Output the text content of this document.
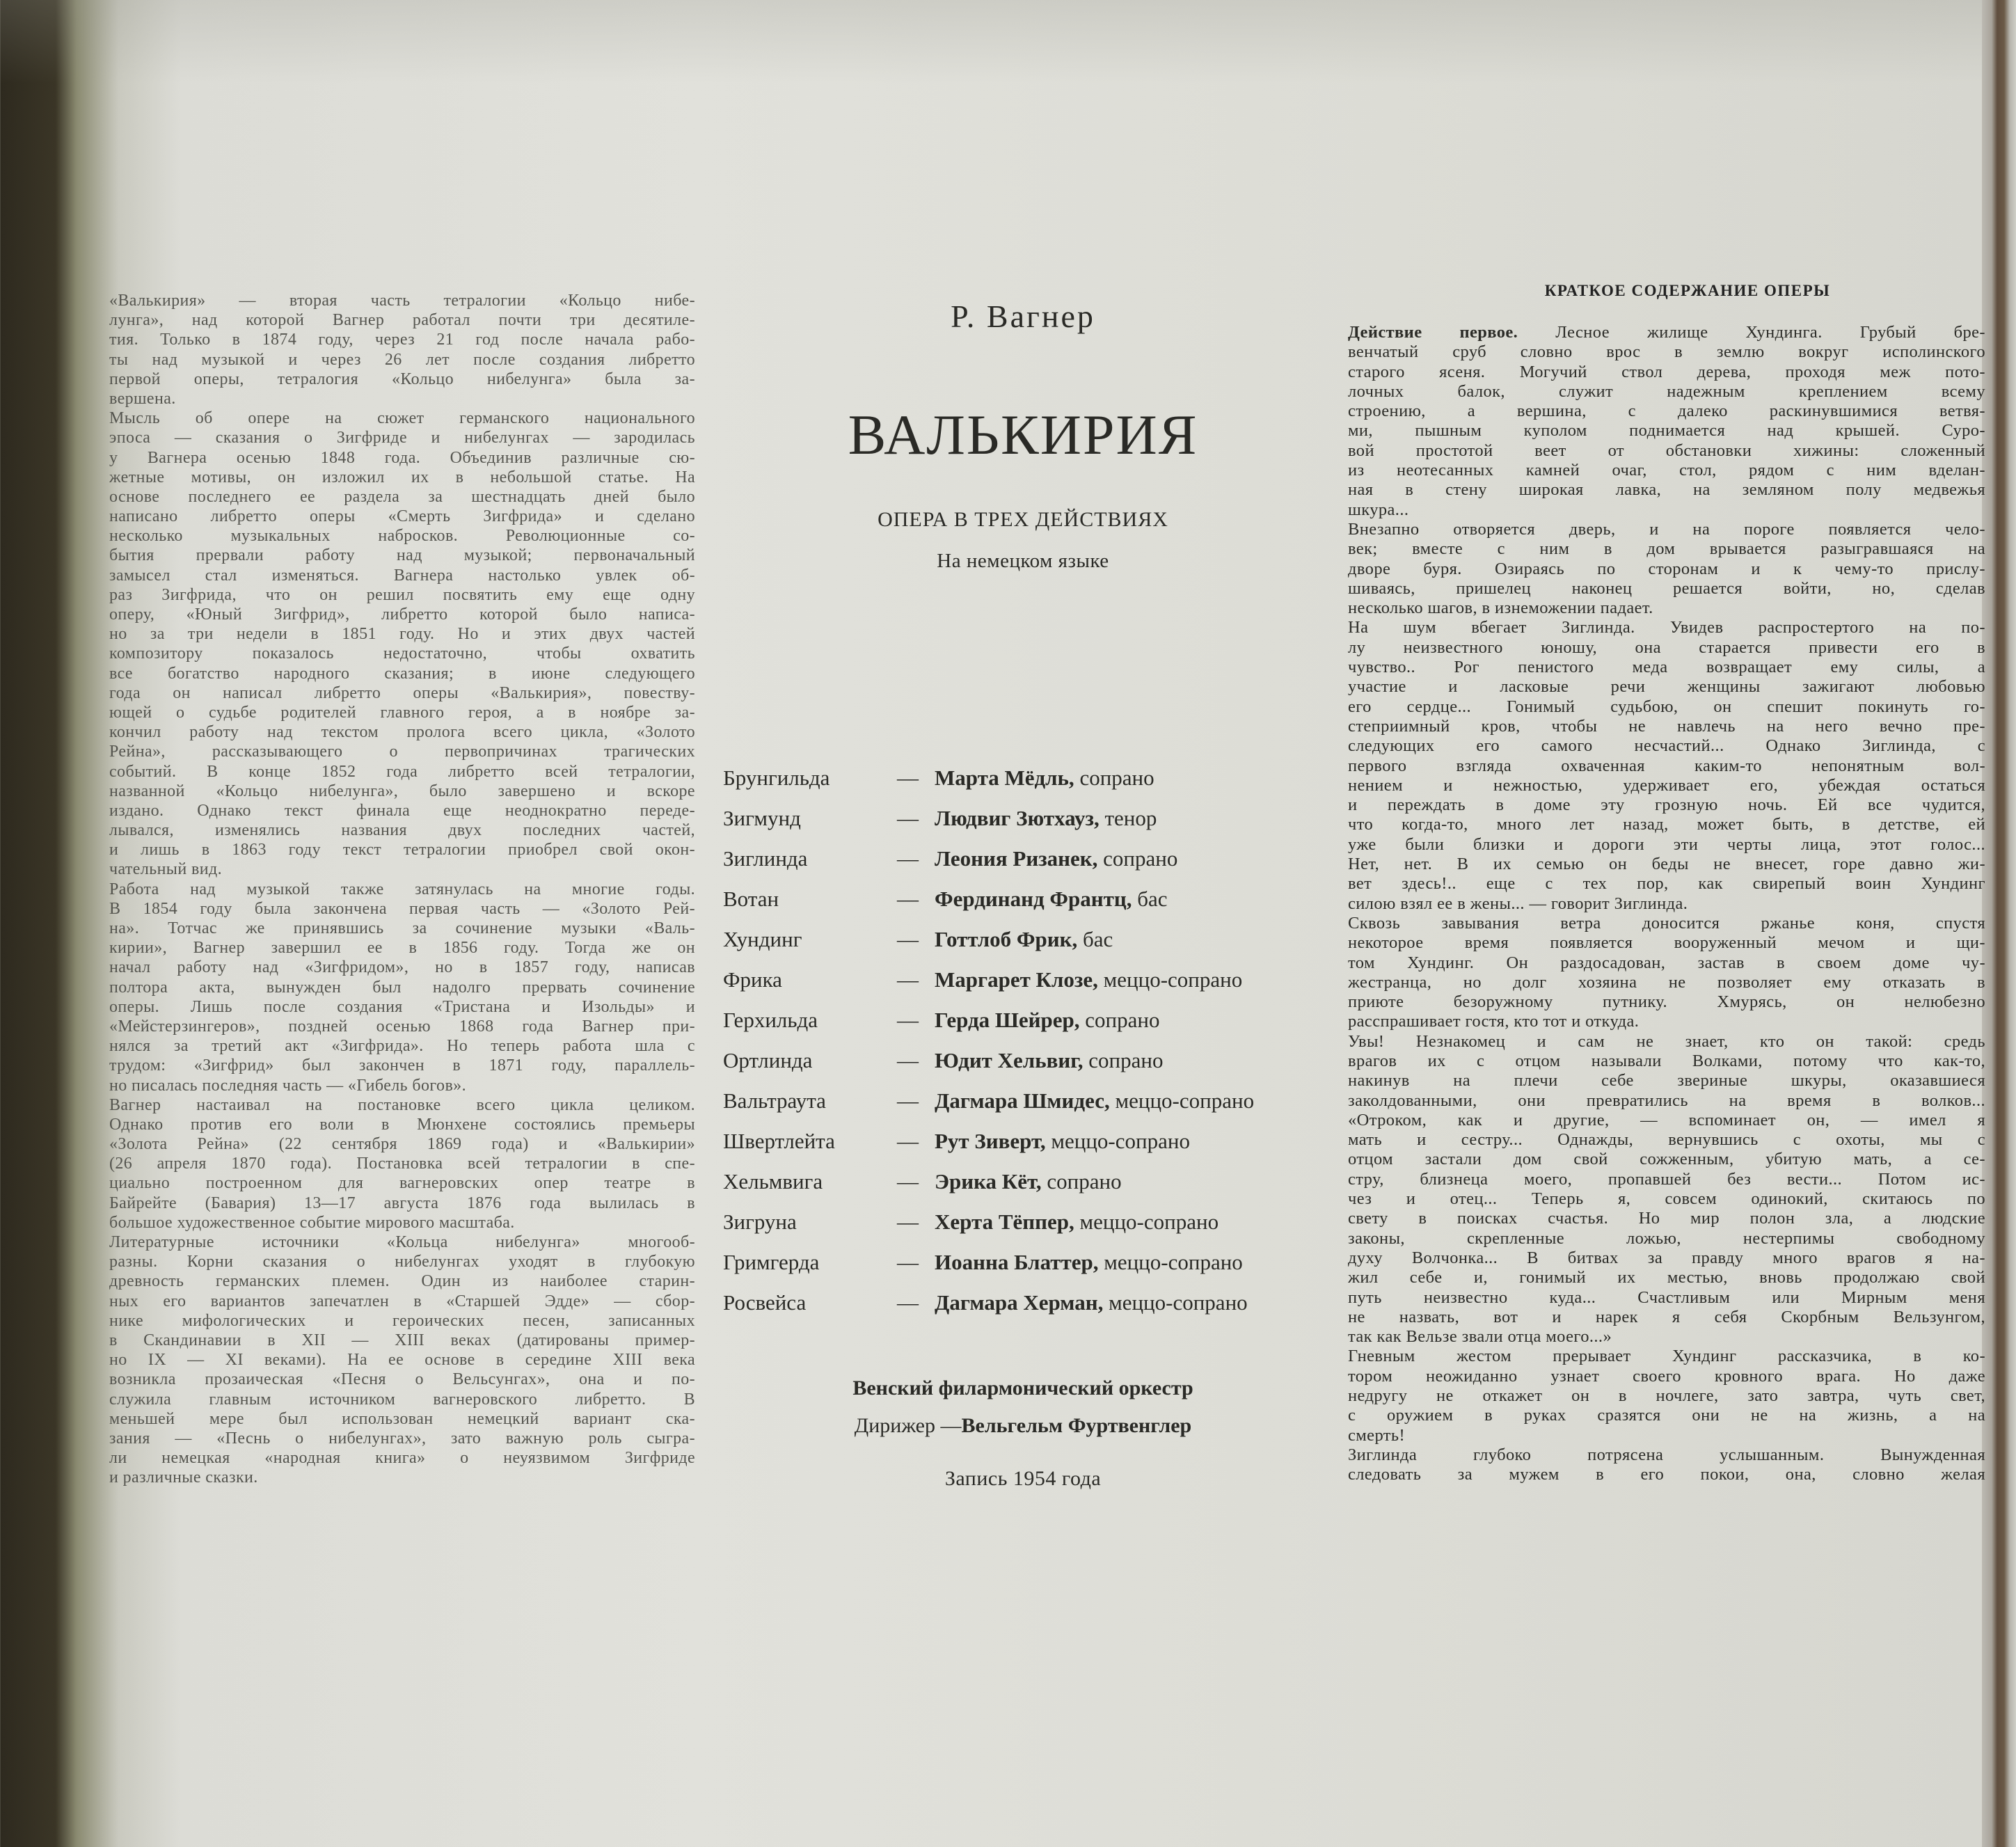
«Валькирия» — вторая часть тетралогии «Кольцо нибе-
лунга», над которой Вагнер работал почти три десятиле-
тия. Только в 1874 году, через 21 год после начала рабо-
ты над музыкой и через 26 лет после создания либретто
первой оперы, тетралогия «Кольцо нибелунга» была за-
вершена.
Мысль об опере на сюжет германского национального
эпоса — сказания о Зигфриде и нибелунгах — зародилась
у Вагнера осенью 1848 года. Объединив различные сю-
жетные мотивы, он изложил их в небольшой статье. На
основе последнего ее раздела за шестнадцать дней было
написано либретто оперы «Смерть Зигфрида» и сделано
несколько музыкальных набросков. Революционные со-
бытия прервали работу над музыкой; первоначальный
замысел стал изменяться. Вагнера настолько увлек об-
раз Зигфрида, что он решил посвятить ему еще одну
оперу, «Юный Зигфрид», либретто которой было написа-
но за три недели в 1851 году. Но и этих двух частей
композитору показалось недостаточно, чтобы охватить
все богатство народного сказания; в июне следующего
года он написал либретто оперы «Валькирия», повеству-
ющей о судьбе родителей главного героя, а в ноябре за-
кончил работу над текстом пролога всего цикла, «Золото
Рейна», рассказывающего о первопричинах трагических
событий. В конце 1852 года либретто всей тетралогии,
названной «Кольцо нибелунга», было завершено и вскоре
издано. Однако текст финала еще неоднократно переде-
лывался, изменялись названия двух последних частей,
и лишь в 1863 году текст тетралогии приобрел свой окон-
чательный вид.
Работа над музыкой также затянулась на многие годы.
В 1854 году была закончена первая часть — «Золото Рей-
на». Тотчас же принявшись за сочинение музыки «Валь-
кирии», Вагнер завершил ее в 1856 году. Тогда же он
начал работу над «Зигфридом», но в 1857 году, написав
полтора акта, вынужден был надолго прервать сочинение
оперы. Лишь после создания «Тристана и Изольды» и
«Мейстерзингеров», поздней осенью 1868 года Вагнер при-
нялся за третий акт «Зигфрида». Но теперь работа шла с
трудом: «Зигфрид» был закончен в 1871 году, параллель-
но писалась последняя часть — «Гибель богов».
Вагнер настаивал на постановке всего цикла целиком.
Однако против его воли в Мюнхене состоялись премьеры
«Золота Рейна» (22 сентября 1869 года) и «Валькирии»
(26 апреля 1870 года). Постановка всей тетралогии в спе-
циально построенном для вагнеровских опер театре в
Байрейте (Бавария) 13—17 августа 1876 года вылилась в
большое художественное событие мирового масштаба.
Литературные источники «Кольца нибелунга» многооб-
разны. Корни сказания о нибелунгах уходят в глубокую
древность германских племен. Один из наиболее старин-
ных его вариантов запечатлен в «Старшей Эдде» — сбор-
нике мифологических и героических песен, записанных
в Скандинавии в XII — XIII веках (датированы пример-
но IX — XI веками). На ее основе в середине XIII века
возникла прозаическая «Песня о Вельсунгах», она и по-
служила главным источником вагнеровского либретто. В
меньшей мере был использован немецкий вариант ска-
зания — «Песнь о нибелунгах», зато важную роль сыгра-
ли немецкая «народная книга» о неуязвимом Зигфриде
и различные сказки.
Р. Вагнер
ВАЛЬКИРИЯ
ОПЕРА В ТРЕХ ДЕЙСТВИЯХ
На немецком языке
Брунгильда	— Марта Мёдль, сопрано
Зигмунд	— Людвиг Зютхауз, тенор
Зиглинда	— Леония Ризанек, сопрано
Вотан	— Фердинанд Франтц, бас
Хундинг	— Готтлоб Фрик, бас
Фрика	— Маргарет Клозе, меццо-сопрано
Герхильда	— Герда Шейрер, сопрано
Ортлинда	— Юдит Хельвиг, сопрано
Вальтраута	— Дагмара Шмидес, меццо-сопрано
Швертлейта	— Рут Зиверт, меццо-сопрано
Хельмвига	— Эрика Кёт, сопрано
Зигруна	— Херта Тёппер, меццо-сопрано
Гримгерда	— Иоанна Блаттер, меццо-сопрано
Росвейса	— Дагмара Херман, меццо-сопрано
Венский филармонический оркестр
Дирижер —Вельгельм Фуртвенглер
Запись 1954 года
КРАТКОЕ СОДЕРЖАНИЕ ОПЕРЫ
Действие первое. Лесное жилище Хундинга. Грубый бре-
венчатый сруб словно врос в землю вокруг исполинского
старого ясеня. Могучий ствол дерева, проходя меж пото-
лочных балок, служит надежным креплением всему
строению, а вершина, с далеко раскинувшимися ветвя-
ми, пышным куполом поднимается над крышей. Суро-
вой простотой веет от обстановки хижины: сложенный
из неотесанных камней очаг, стол, рядом с ним вделан-
ная в стену широкая лавка, на земляном полу медвежья
шкура...
Внезапно отворяется дверь, и на пороге появляется чело-
век; вместе с ним в дом врывается разыгравшаяся на
дворе буря. Озираясь по сторонам и к чему-то прислу-
шиваясь, пришелец наконец решается войти, но, сделав
несколько шагов, в изнеможении падает.
На шум вбегает Зиглинда. Увидев распростертого на по-
лу неизвестного юношу, она старается привести его в
чувство.. Рог пенистого меда возвращает ему силы, а
участие и ласковые речи женщины зажигают любовью
его сердце... Гонимый судьбою, он спешит покинуть го-
степриимный кров, чтобы не навлечь на него вечно пре-
следующих его самого несчастий... Однако Зиглинда, с
первого взгляда охваченная каким-то непонятным вол-
нением и нежностью, удерживает его, убеждая остаться
и переждать в доме эту грозную ночь. Ей все чудится,
что когда-то, много лет назад, может быть, в детстве, ей
уже были близки и дороги эти черты лица, этот голос...
Нет, нет. В их семью он беды не внесет, горе давно жи-
вет здесь!.. еще с тех пор, как свирепый воин Хундинг
силою взял ее в жены... — говорит Зиглинда.
Сквозь завывания ветра доносится ржанье коня, спустя
некоторое время появляется вооруженный мечом и щи-
том Хундинг. Он раздосадован, застав в своем доме чу-
жестранца, но долг хозяина не позволяет ему отказать в
приюте безоружному путнику. Хмурясь, он нелюбезно
расспрашивает гостя, кто тот и откуда.
Увы! Незнакомец и сам не знает, кто он такой: средь
врагов их с отцом называли Волками, потому что как-то,
накинув на плечи себе звериные шкуры, оказавшиеся
заколдованными, они превратились на время в волков...
«Отроком, как и другие, — вспоминает он, — имел я
мать и сестру... Однажды, вернувшись с охоты, мы с
отцом застали дом свой сожженным, убитую мать, а се-
стру, близнеца моего, пропавшей без вести... Потом ис-
чез и отец... Теперь я, совсем одинокий, скитаюсь по
свету в поисках счастья. Но мир полон зла, а людские
законы, скрепленные ложью, нестерпимы свободному
духу Волчонка... В битвах за правду много врагов я на-
жил себе и, гонимый их местью, вновь продолжаю свой
путь неизвестно куда... Счастливым или Мирным меня
не назвать, вот и нарек я себя Скорбным Вельзунгом,
так как Вельзе звали отца моего...»
Гневным жестом прерывает Хундинг рассказчика, в ко-
тором неожиданно узнает своего кровного врага. Но даже
недругу не откажет он в ночлеге, зато завтра, чуть свет,
с оружием в руках сразятся они не на жизнь, а на
смерть!
Зиглинда глубоко потрясена услышанным. Вынужденная
следовать за мужем в его покои, она, словно желая
